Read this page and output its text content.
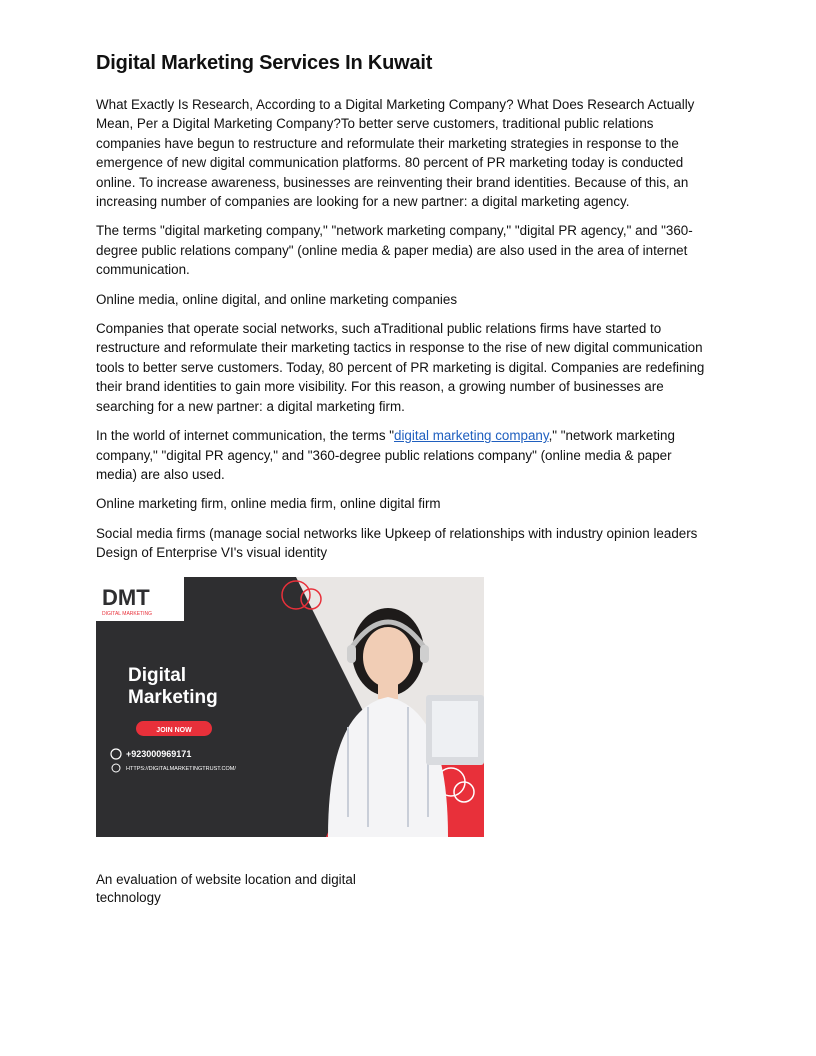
Digital Marketing Services In Kuwait

What Exactly Is Research, According to a Digital Marketing Company? What Does Research Actually Mean, Per a Digital Marketing Company?To better serve customers, traditional public relations companies have begun to restructure and reformulate their marketing strategies in response to the emergence of new digital communication platforms. 80 percent of PR marketing today is conducted online. To increase awareness, businesses are reinventing their brand identities. Because of this, an increasing number of companies are looking for a new partner: a digital marketing agency.

The terms "digital marketing company," "network marketing company," "digital PR agency," and "360-degree public relations company" (online media & paper media) are also used in the area of internet communication.

Online media, online digital, and online marketing companies

Companies that operate social networks, such aTraditional public relations firms have started to restructure and reformulate their marketing tactics in response to the rise of new digital communication tools to better serve customers. Today, 80 percent of PR marketing is digital. Companies are redefining their brand identities to gain more visibility. For this reason, a growing number of businesses are searching for a new partner: a digital marketing firm.

In the world of internet communication, the terms "digital marketing company," "network marketing company," "digital PR agency," and "360-degree public relations company" (online media & paper media) are also used.

Online marketing firm, online media firm, online digital firm

Social media firms (manage social networks like Upkeep of relationships with industry opinion leaders
Design of Enterprise VI's visual identity

DMT
DIGITAL MARKETING
Digital
Marketing
JOIN NOW
+923000969171
HTTPS://DIGITALMARKETINGTRUST.COM/
An evaluation of website location and digital technology
